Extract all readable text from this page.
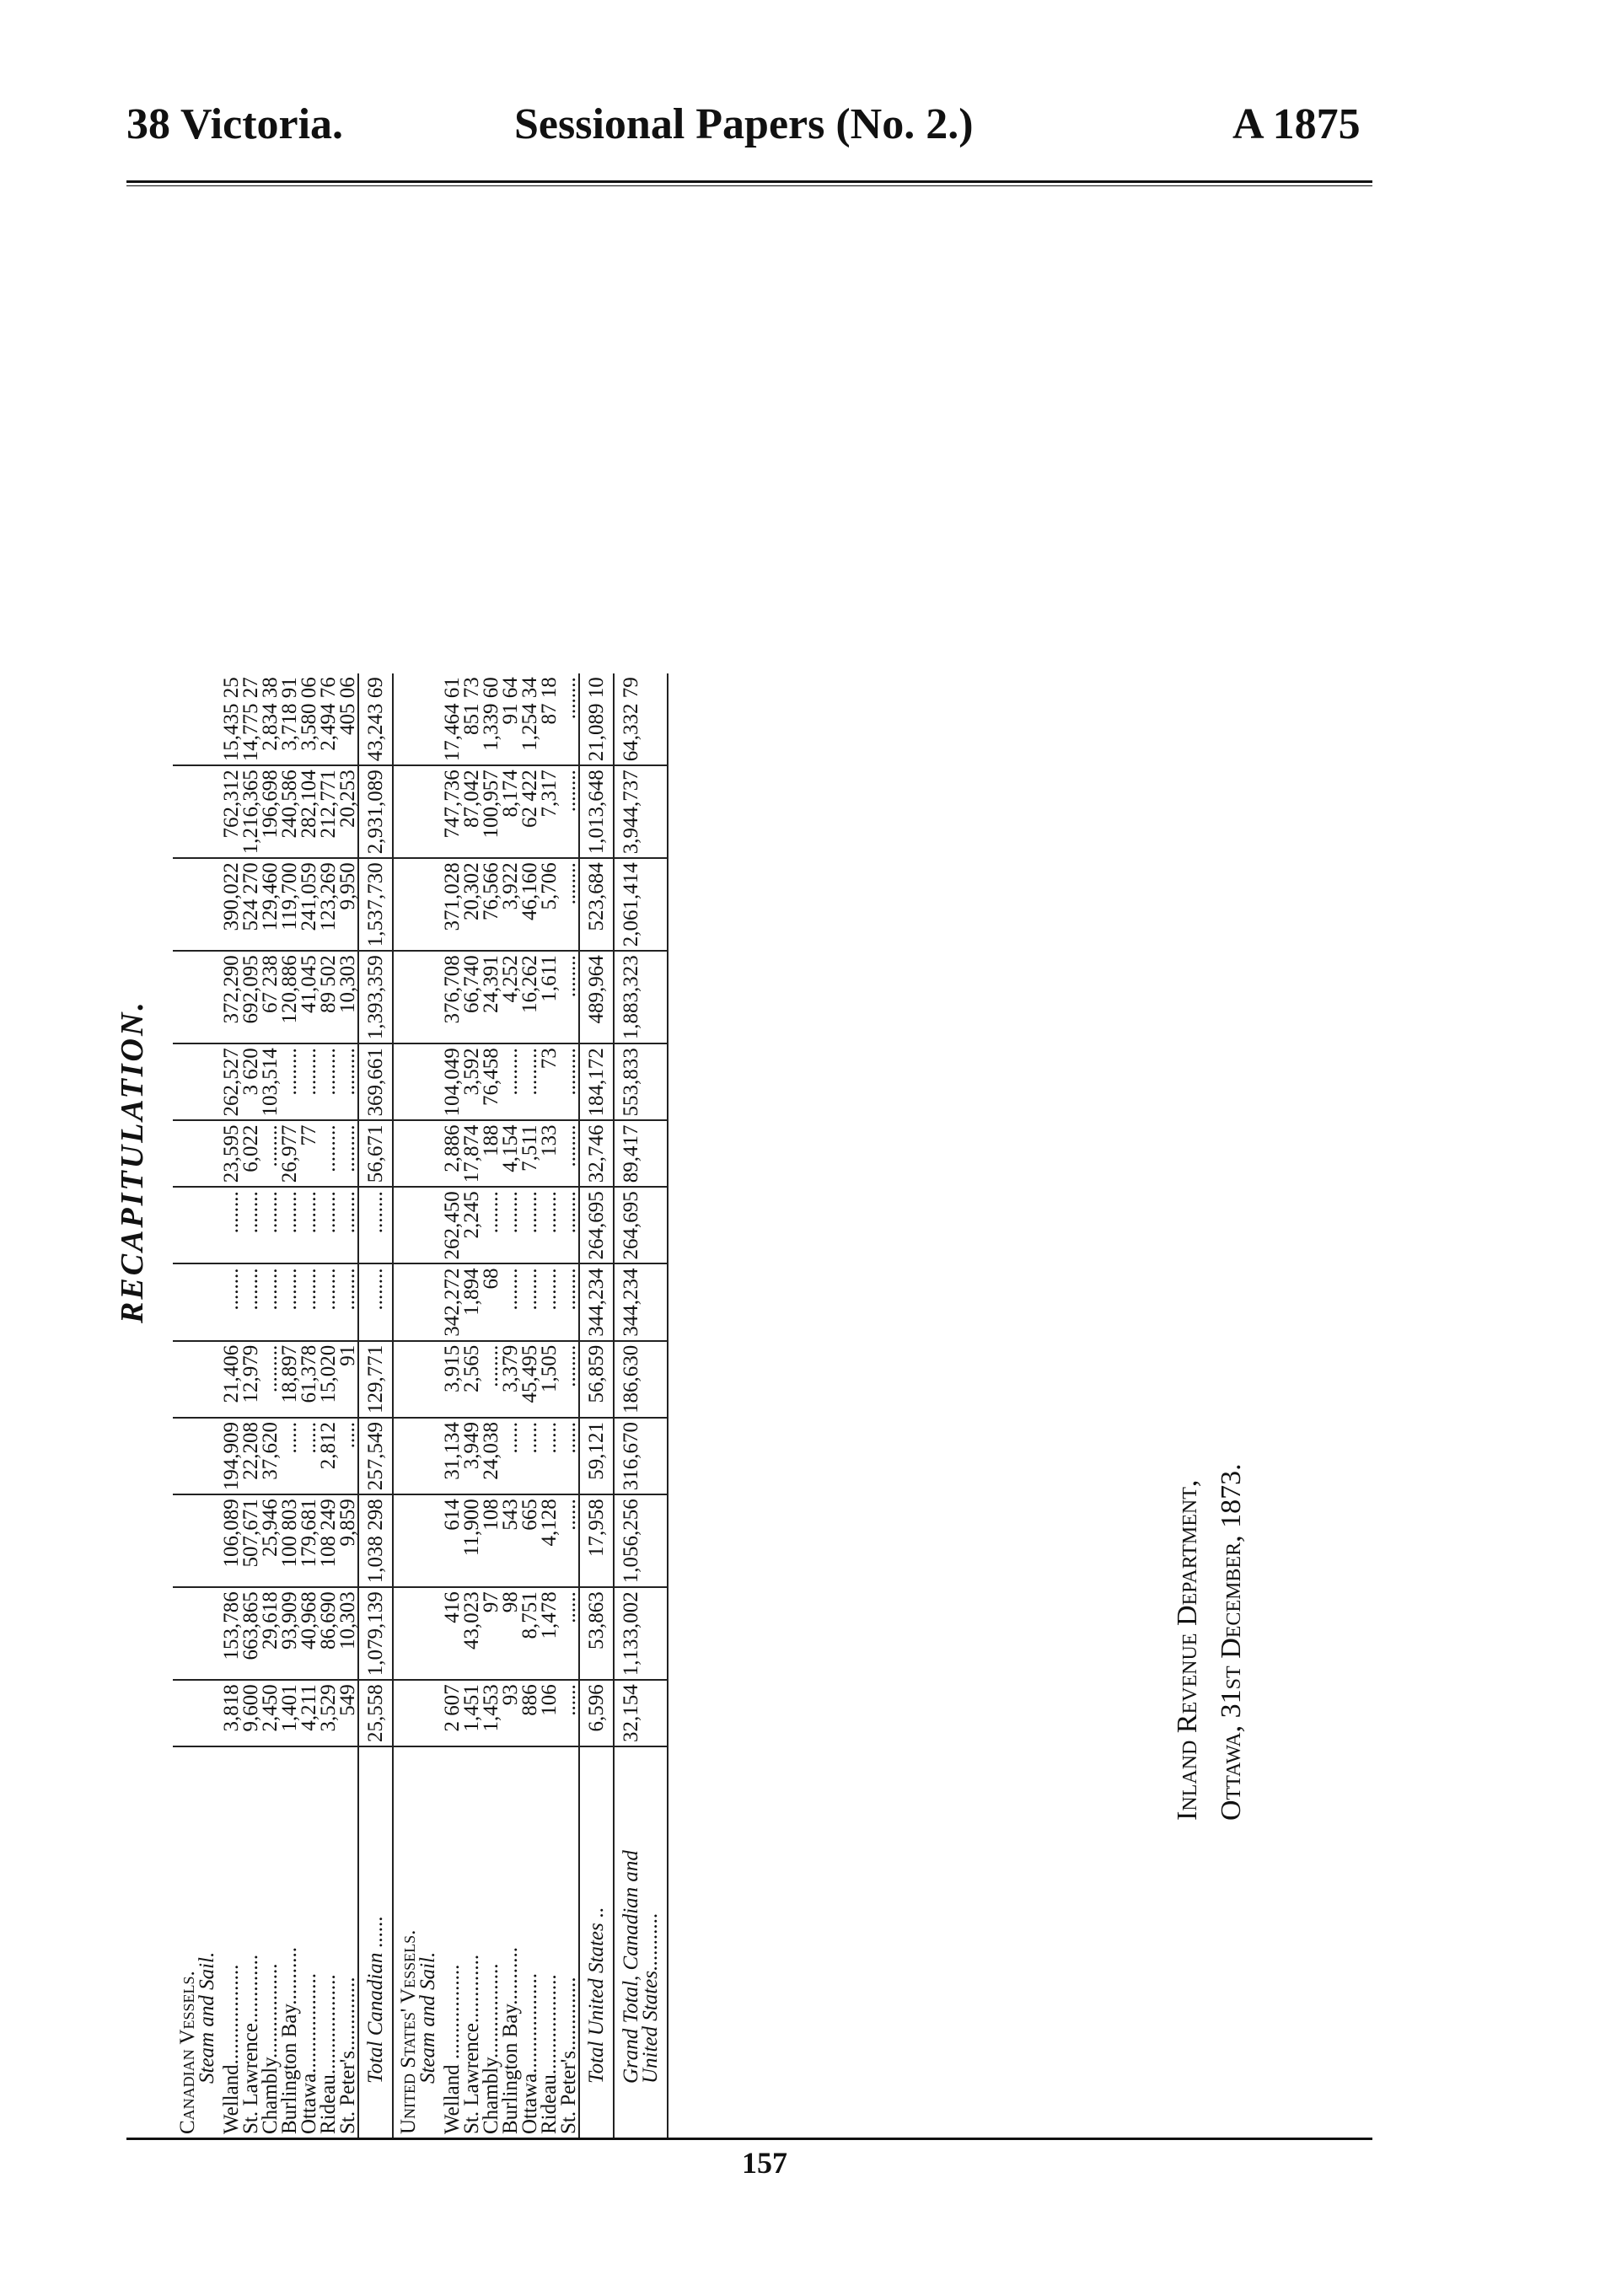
38 Victoria.	Sessional Papers (No. 2.)	A 1875
RECAPITULATION.
Canadian Vessels.
Steam and Sail.													

Welland...................	3,818	153,786	106,089	194,909	21,406	........	........	23,595	262,527	372,290	390,022	762,312	15,435 25

St. Lawrence.............	9,600	663,865	507,671	22,208	12,979	........	........	6,022	3 620	692,095	524 270	1,216,365	14,775 27

Chambly..................	2,450	29,618	25,946	37,620	.........	........	........	........	103,514	67 238	129,460	196,698	2,834 38

Burlington Bay...........	1,401	93,909	100 803	......	18,897	........	........	26,977	.........	120,886	119,700	240,586	3,718 91

Ottawa...................	4,211	40,968	179,681	......	61,378	........	........	77	.........	41,045	241,059	282,104	3,580 06

Rideau...................	3,529	86,690	108 249	2,812	15,020	........	........	.........	.........	89 502	123,269	212,771	2,494 76

St. Peter's..............	549	10,303	9,859	.....	91	........	........	.........	.........	10,303	9,950	20,253	405 06

Total Canadian ......	25,558	1,079,139	1,038 298	257,549	129,771	........	........	56,671	369,661	1,393,359	1,537,730	2,931,089	43,243 69

United States' Vessels.
Steam and Sail.													

Welland ..................	2 607	416	614	31,134	3,915	342,272	262,450	2,886	104,049	376,708	371,028	747,736	17,464 61

St. Lawrence.............	1,451	43,023	11,900	3,949	2,565	1,894	2,245	17,874	3,592	66,740	20,302	87,042	851 73

Chambly..................	1,453	97	108	24,038	........	68	........	188	76,458	24,391	76,566	100,957	1,339 60

Burlington Bay...........	93	98	543	......	3,379	........	........	4,154	.........	4,252	3,922	8,174	91 64

Ottawa...................	886	8,751	665	......	45,495	........	........	7,511	.........	16,262	46,160	62 422	1,254 34

Rideau...................	106	1,478	4,128	......	1,505	........	........	133	73	1,611	5,706	7,317	87 18

St. Peter's..............	......	......	......	......	........	........	........	........	.........	........	........	........	........

Total United States ..	6,596	53,863	17,958	59,121	56,859	344,234	264,695	32,746	184,172	489,964	523,684	1,013,648	21,089 10

Grand Total, Canadian and
United States...........	32,154	1,133,002	1,056,256	316,670	186,630	344,234	264,695	89,417	553,833	1,883,323	2,061,414	3,944,737	64,332 79
157
Inland Revenue Department, Ottawa, 31st December, 1873.
